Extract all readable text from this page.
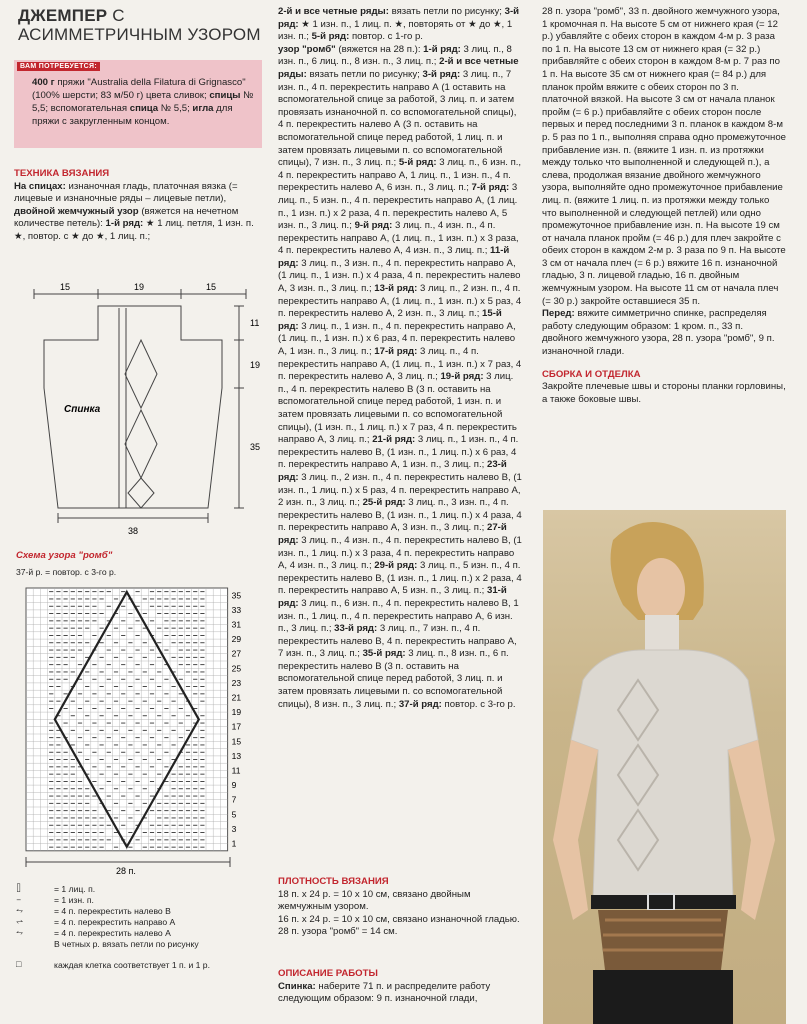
ДЖЕМПЕР С АСИММЕТРИЧНЫМ УЗОРОМ
ВАМ ПОТРЕБУЕТСЯ:
400 г пряжи "Australia della Filatura di Grignasco" (100% шерсти; 83 м/50 г) цвета сливок; спицы № 5,5; вспомогательная спица № 5,5; игла для пряжи с закругленным концом.
ТЕХНИКА ВЯЗАНИЯ

На спицах: изнаночная гладь, платочная вязка (= лицевые и изнаночные ряды – лицевые петли),

двойной жемчужный узор (вяжется на нечетном количестве петель): 1-й ряд: ★ 1 лиц. петля, 1 изн. п. ★, повтор. с ★ до ★, 1 лиц. п.;

15	19	15
11
19
35
38
Спинка
Схема узора "ромб"
37-й р. = повтор. с 3-го р.
35
33
31
29
27
25
23
21
19
17
15
13
11
9
7
5
3
1
28 п.
⌷	= 1 лиц. п.
–	= 1 изн. п.
⥊	= 4 п. перекрестить налево В
⥋	= 4 п. перекрестить направо А
⥊	= 4 п. перекрестить налево А
В четных р. вязать петли по рисунку
□	каждая клетка соответствует 1 п. и 1 р.

2-й и все четные ряды: вязать петли по рисунку; 3-й ряд: ★ 1 изн. п., 1 лиц. п. ★, повторять от ★ до ★, 1 изн. п.; 5-й ряд: повтор. с 1-го р.

узор "ромб" (вяжется на 28 п.): 1-й ряд: 3 лиц. п., 8 изн. п., 6 лиц. п., 8 изн. п., 3 лиц. п.; 2-й и все четные ряды: вязать петли по рисунку; 3-й ряд: 3 лиц. п., 7 изн. п., 4 п. перекрестить направо А (1 оставить на вспомогательной спице за работой, 3 лиц. п. и затем провязать изнаночной п. со вспомогательной спицы), 4 п. перекрестить налево А (3 п. оставить на вспомогательной спице перед работой, 1 лиц. п. и затем провязать лицевыми п. со вспомогательной спицы), 7 изн. п., 3 лиц. п.; 5-й ряд: 3 лиц. п., 6 изн. п., 4 п. перекрестить направо А, 1 лиц. п., 1 изн. п., 4 п. перекрестить налево А, 6 изн. п., 3 лиц. п.; 7-й ряд: 3 лиц. п., 5 изн. п., 4 п. перекрестить направо А, (1 лиц. п., 1 изн. п.) х 2 раза, 4 п. перекрестить налево А, 5 изн. п., 3 лиц. п.; 9-й ряд: 3 лиц. п., 4 изн. п., 4 п. перекрестить направо А, (1 лиц. п., 1 изн. п.) х 3 раза, 4 п. перекрестить налево А, 4 изн. п., 3 лиц. п.; 11-й ряд: 3 лиц. п., 3 изн. п., 4 п. перекрестить направо А, (1 лиц. п., 1 изн. п.) х 4 раза, 4 п. перекрестить налево А, 3 изн. п., 3 лиц. п.; 13-й ряд: 3 лиц. п., 2 изн. п., 4 п. перекрестить направо А, (1 лиц. п., 1 изн. п.) х 5 раз, 4 п. перекрестить налево А, 2 изн. п., 3 лиц. п.; 15-й ряд: 3 лиц. п., 1 изн. п., 4 п. перекрестить направо А, (1 лиц. п., 1 изн. п.) х 6 раз, 4 п. перекрестить налево А, 1 изн. п., 3 лиц. п.; 17-й ряд: 3 лиц. п., 4 п. перекрестить направо А, (1 лиц. п., 1 изн. п.) х 7 раз, 4 п. перекрестить налево А, 3 лиц. п.; 19-й ряд: 3 лиц. п., 4 п. перекрестить налево В (3 п. оставить на вспомогательной спице перед работой, 1 изн. п. и затем провязать лицевыми п. со вспомогательной спицы), (1 изн. п., 1 лиц. п.) х 7 раз, 4 п. перекрестить направо А, 3 лиц. п.; 21-й ряд: 3 лиц. п., 1 изн. п., 4 п. перекрестить налево В, (1 изн. п., 1 лиц. п.) х 6 раз, 4 п. перекрестить направо А, 1 изн. п., 3 лиц. п.; 23-й ряд: 3 лиц. п., 2 изн. п., 4 п. перекрестить налево В, (1 изн. п., 1 лиц. п.) х 5 раз, 4 п. перекрестить направо А, 2 изн. п., 3 лиц. п.; 25-й ряд: 3 лиц. п., 3 изн. п., 4 п. перекрестить налево В, (1 изн. п., 1 лиц. п.) х 4 раза, 4 п. перекрестить направо А, 3 изн. п., 3 лиц. п.; 27-й ряд: 3 лиц. п., 4 изн. п., 4 п. перекрестить налево В, (1 изн. п., 1 лиц. п.) х 3 раза, 4 п. перекрестить направо А, 4 изн. п., 3 лиц. п.; 29-й ряд: 3 лиц. п., 5 изн. п., 4 п. перекрестить налево В, (1 изн. п., 1 лиц. п.) х 2 раза, 4 п. перекрестить направо А, 5 изн. п., 3 лиц. п.; 31-й ряд: 3 лиц. п., 6 изн. п., 4 п. перекрестить налево В, 1 изн. п., 1 лиц. п., 4 п. перекрестить направо А, 6 изн. п., 3 лиц. п.; 33-й ряд: 3 лиц. п., 7 изн. п., 4 п. перекрестить налево В, 4 п. перекрестить направо А, 7 изн. п., 3 лиц. п.; 35-й ряд: 3 лиц. п., 8 изн. п., 6 п. перекрестить налево В (3 п. оставить на вспомогательной спице перед работой, 3 лиц. п. и затем провязать лицевыми п. со вспомогательной спицы), 8 изн. п., 3 лиц. п.; 37-й ряд: повтор. с 3-го р.

ПЛОТНОСТЬ ВЯЗАНИЯ

18 п. х 24 р. = 10 х 10 см, связано двойным жемчужным узором.

16 п. х 24 р. = 10 х 10 см, связано изнаночной гладью.

28 п. узора "ромб" = 14 см.

ОПИСАНИЕ РАБОТЫ

Спинка: наберите 71 п. и распределите работу следующим образом: 9 п. изнаночной глади,

28 п. узора "ромб", 33 п. двойного жемчужного узора, 1 кромочная п. На высоте 5 см от нижнего края (= 12 р.) убавляйте с обеих сторон в каждом 4-м р. 3 раза по 1 п. На высоте 13 см от нижнего края (= 32 р.) прибавляйте с обеих сторон в каждом 8-м р. 7 раз по 1 п. На высоте 35 см от нижнего края (= 84 р.) для планок пройм вяжите с обеих сторон по 3 п. платочной вязкой. На высоте 3 см от начала планок пройм (= 6 р.) прибавляйте с обеих сторон после первых и перед последними 3 п. планок в каждом 8-м р. 5 раз по 1 п., выполняя справа одно промежуточное прибавление изн. п. (вяжите 1 изн. п. из протяжки между только что выполненной и следующей п.), а слева, продолжая вязание двойного жемчужного узора, выполняйте одно промежуточное прибавление лиц. п. (вяжите 1 лиц. п. из протяжки между только что выполненной и следующей петлей) или одно промежуточное прибавление изн. п. На высоте 19 см от начала планок пройм (= 46 р.) для плеч закройте с обеих сторон в каждом 2-м р. 3 раза по 9 п. На высоте 3 см от начала плеч (= 6 р.) вяжите 16 п. изнаночной гладью, 3 п. лицевой гладью, 16 п. двойным жемчужным узором. На высоте 11 см от начала плеч (= 30 р.) закройте оставшиеся 35 п.

Перед: вяжите симметрично спинке, распределяя работу следующим образом: 1 кром. п., 33 п. двойного жемчужного узора, 28 п. узора "ромб", 9 п. изнаночной глади.

СБОРКА И ОТДЕЛКА

Закройте плечевые швы и стороны планки горловины, а также боковые швы.
